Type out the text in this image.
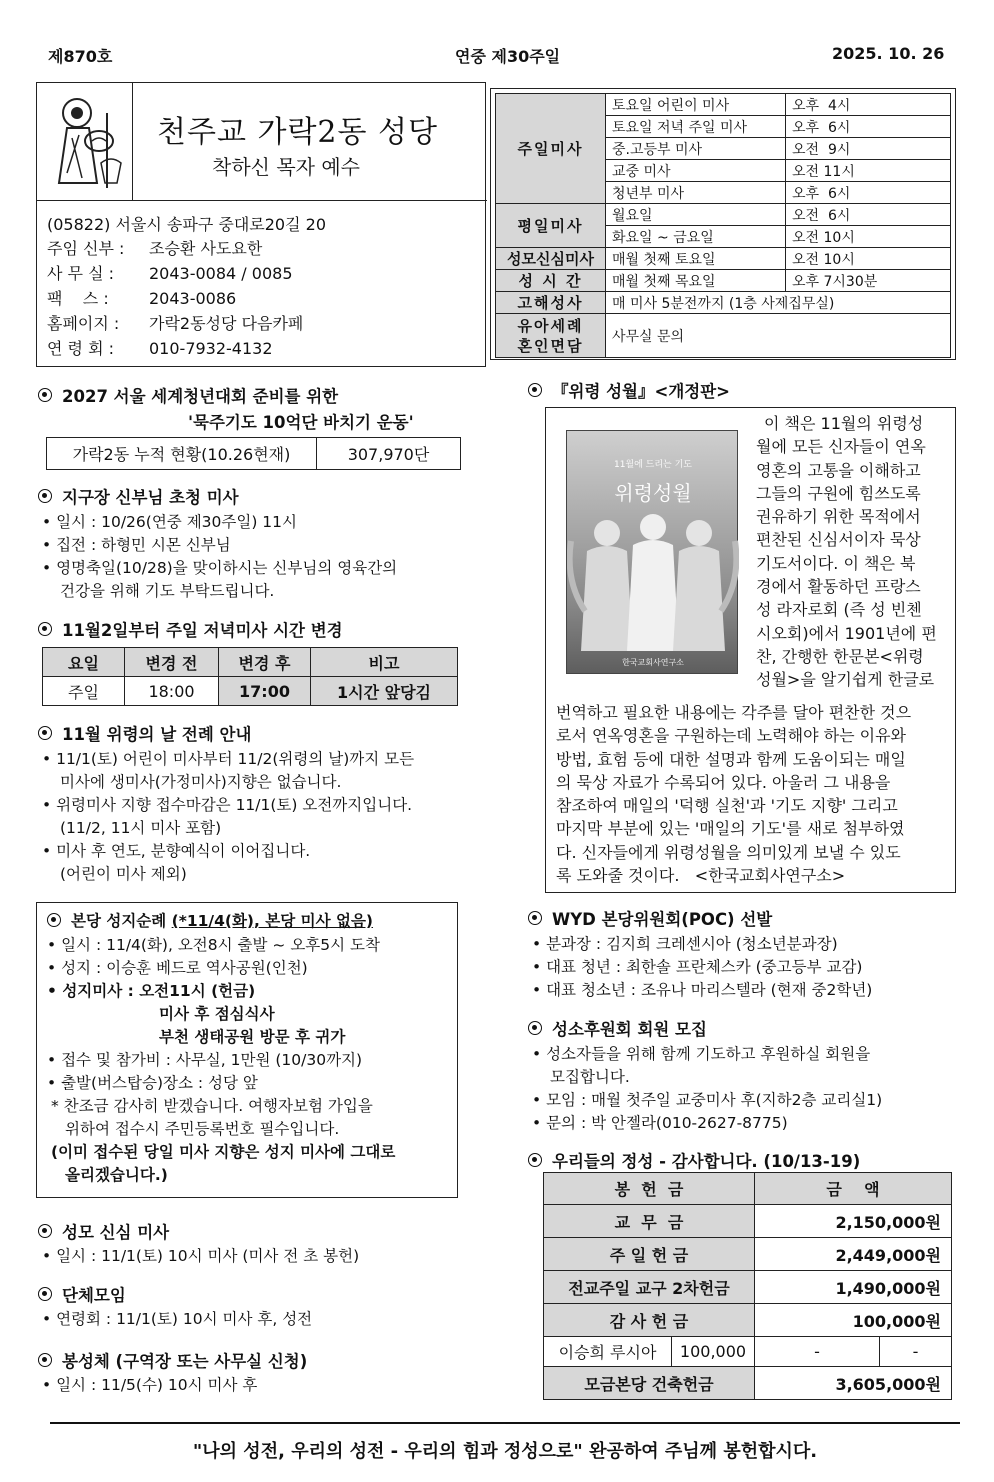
제870호	연중 제30주일	2025. 10. 26
천주교 가락2동 성당
착하신 목자 예수
(05822) 서울시 송파구 중대로20길 20
주임 신부 :	조승환 사도요한
사 무 실 :	2043-0084 / 0085
팩    스 :	2043-0086
홈페이지 :	가락2동성당 다음카페
연 령 회 :	010-7932-4132
주일미사	토요일 어린이 미사	오후  4시
	토요일 저녁 주일 미사	오후  6시
	중.고등부 미사	오전  9시
	교중 미사	오전 11시
	청년부 미사	오후  6시
평일미사	월요일	오전  6시
	화요일 ~ 금요일	오전 10시
성모신심미사	매월 첫째 토요일	오전 10시
성 시 간	매월 첫째 목요일	오후 7시30분
고해성사	매 미사 5분전까지 (1층 사제집무실)	

유아세례
혼인면담	사무실 문의	
2027 서울 세계청년대회 준비를 위한
'묵주기도 10억단 바치기 운동'
가락2동 누적 현황(10.26현재)	307,970단
지구장 신부님 초청 미사
• 일시 : 10/26(연중 제30주일) 11시
• 집전 : 하형민 시몬 신부님
• 영명축일(10/28)을 맞이하시는 신부님의 영육간의
건강을 위해 기도 부탁드립니다.
11월2일부터 주일 저녁미사 시간 변경
요일	변경 전	변경 후	비고
주일	18:00	17:00	1시간 앞당김
11월 위령의 날 전례 안내
• 11/1(토) 어린이 미사부터 11/2(위령의 날)까지 모든
미사에 생미사(가정미사)지향은 없습니다.
• 위령미사 지향 접수마감은 11/1(토) 오전까지입니다.
(11/2, 11시 미사 포함)
• 미사 후 연도, 분향예식이 이어집니다.
(어린이 미사 제외)
본당 성지순례
(*11/4(화), 본당 미사 없음)
• 일시 : 11/4(화), 오전8시 출발 ~ 오후5시 도착
• 성지 : 이승훈 베드로 역사공원(인천)
• 성지미사 : 오전11시 (헌금)
미사 후 점심식사
부천 생태공원 방문 후 귀가
• 접수 및 참가비 : 사무실, 1만원 (10/30까지)
• 출발(버스탑승)장소 : 성당 앞
* 찬조금 감사히 받겠습니다. 여행자보험 가입을
위하여 접수시 주민등록번호 필수입니다.
(이미 접수된 당일 미사 지향은 성지 미사에 그대로
올리겠습니다.)
성모 신심 미사
• 일시 : 11/1(토) 10시 미사 (미사 전 초 봉헌)
단체모임
• 연령회 : 11/1(토) 10시 미사 후, 성전
봉성체 (구역장 또는 사무실 신청)
• 일시 : 11/5(수) 10시 미사 후
『위령 성월』<개정판>
11월에 드리는 기도
위령성월
한국교회사연구소
이 책은 11월의 위령성
월에 모든 신자들이 연옥
영혼의 고통을 이해하고
그들의 구원에 힘쓰도록
권유하기 위한 목적에서
편찬된 신심서이자 묵상
기도서이다. 이 책은 북
경에서 활동하던 프랑스
성 라자로회 (즉 성 빈첸
시오회)에서 1901년에 편
찬, 간행한 한문본<위령
성월>을 알기쉽게 한글로
번역하고 필요한 내용에는 각주를 달아 편찬한 것으
로서 연옥영혼을 구원하는데 노력해야 하는 이유와
방법, 효험 등에 대한 설명과 함께 도움이되는 매일
의 묵상 자료가 수록되어 있다. 아울러 그 내용을
참조하여 매일의 '덕행 실천'과 '기도 지향' 그리고
마지막 부분에 있는 '매일의 기도'를 새로 첨부하였
다. 신자들에게 위령성월을 의미있게 보낼 수 있도
록 도와줄 것이다.   <한국교회사연구소>
WYD 본당위원회(POC) 선발
• 분과장 : 김지희 크레센시아 (청소년분과장)
• 대표 청년 : 최한솔 프란체스카 (중고등부 교감)
• 대표 청소년 : 조유나 마리스텔라 (현재 중2학년)
성소후원회 회원 모집
• 성소자들을 위해 함께 기도하고 후원하실 회원을
모집합니다.
• 모임 : 매월 첫주일 교중미사 후(지하2층 교리실1)
• 문의 : 박 안젤라(010-2627-8775)
우리들의 정성 - 감사합니다. (10/13-19)
봉  헌  금		금    액	
교  무  금		2,150,000원	
주 일 헌 금		2,449,000원	
전교주일 교구 2차헌금		1,490,000원	
감 사 헌 금		100,000원	
이승희 루시아	100,000	-	-
모금본당 건축헌금		3,605,000원	
"나의 성전, 우리의 성전 - 우리의 힘과 정성으로" 완공하여 주님께 봉헌합시다.
